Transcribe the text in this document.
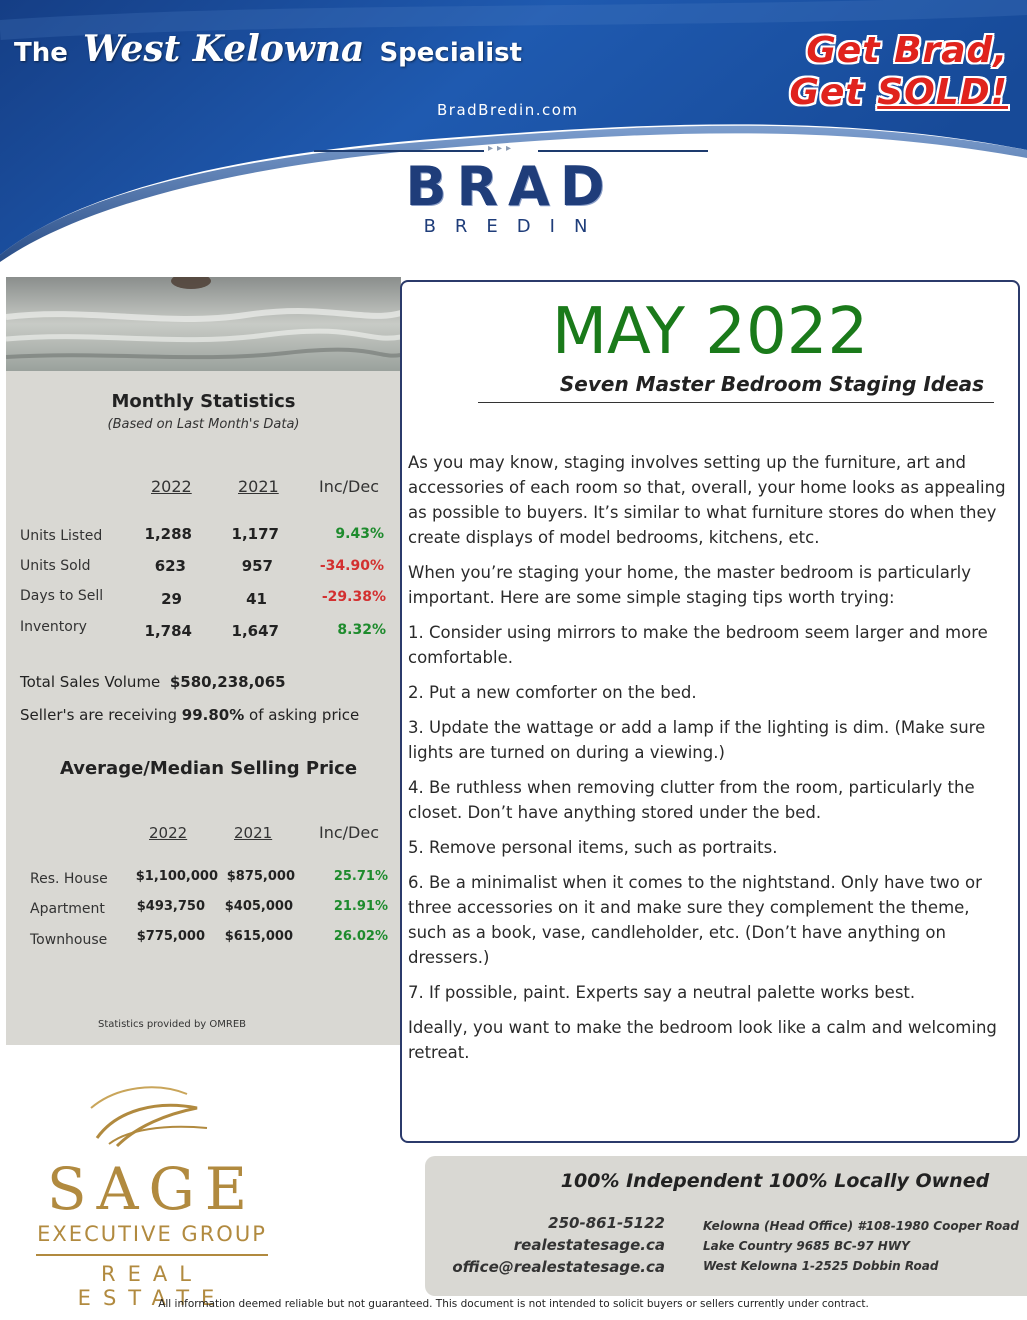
The West Kelowna Specialist
BradBredin.com
Get Brad,
Get SOLD!
▸▸▸
BRAD
BREDIN
Monthly Statistics
(Based on Last Month's Data)
2022	2021	Inc/Dec
Units Listed	1,288	1,177	9.43%
Units Sold	623	957	-34.90%
Days to Sell	29	41	-29.38%
Inventory	1,784	1,647	8.32%
Total Sales Volume $580,238,065
Seller's are receiving 99.80% of asking price
Average/Median Selling Price
2022	2021	Inc/Dec
Res. House $1,100,000 $875,000	25.71%
Apartment $493,750 $405,000	21.91%
Townhouse $775,000 $615,000	26.02%
Statistics provided by OMREB
MAY 2022
Seven Master Bedroom Staging Ideas

As you may know, staging involves setting up the furniture, art and accessories of each room so that, overall, your home looks as appealing as possible to buyers. It’s similar to what furniture stores do when they create displays of model bedrooms, kitchens, etc.

When you’re staging your home, the master bedroom is particularly important. Here are some simple staging tips worth trying:

1. Consider using mirrors to make the bedroom seem larger and more comfortable.

2. Put a new comforter on the bed.

3. Update the wattage or add a lamp if the lighting is dim. (Make sure lights are turned on during a viewing.)

4. Be ruthless when removing clutter from the room, particularly the closet. Don’t have anything stored under the bed.

5. Remove personal items, such as portraits.

6. Be a minimalist when it comes to the nightstand. Only have two or three accessories on it and make sure they complement the theme, such as a book, vase, candleholder, etc. (Don’t have anything on dressers.)

7. If possible, paint. Experts say a neutral palette works best.

Ideally, you want to make the bedroom look like a calm and welcoming retreat.

SAGE
EXECUTIVE GROUP
REAL ESTATE
100% Independent 100% Locally Owned
250-861-5122
realestatesage.ca
office@realestatesage.ca
Kelowna (Head Office) #108-1980 Cooper Road
Lake Country 9685 BC-97 HWY
West Kelowna 1-2525 Dobbin Road
All information deemed reliable but not guaranteed. This document is not intended to solicit buyers or sellers currently under contract.
